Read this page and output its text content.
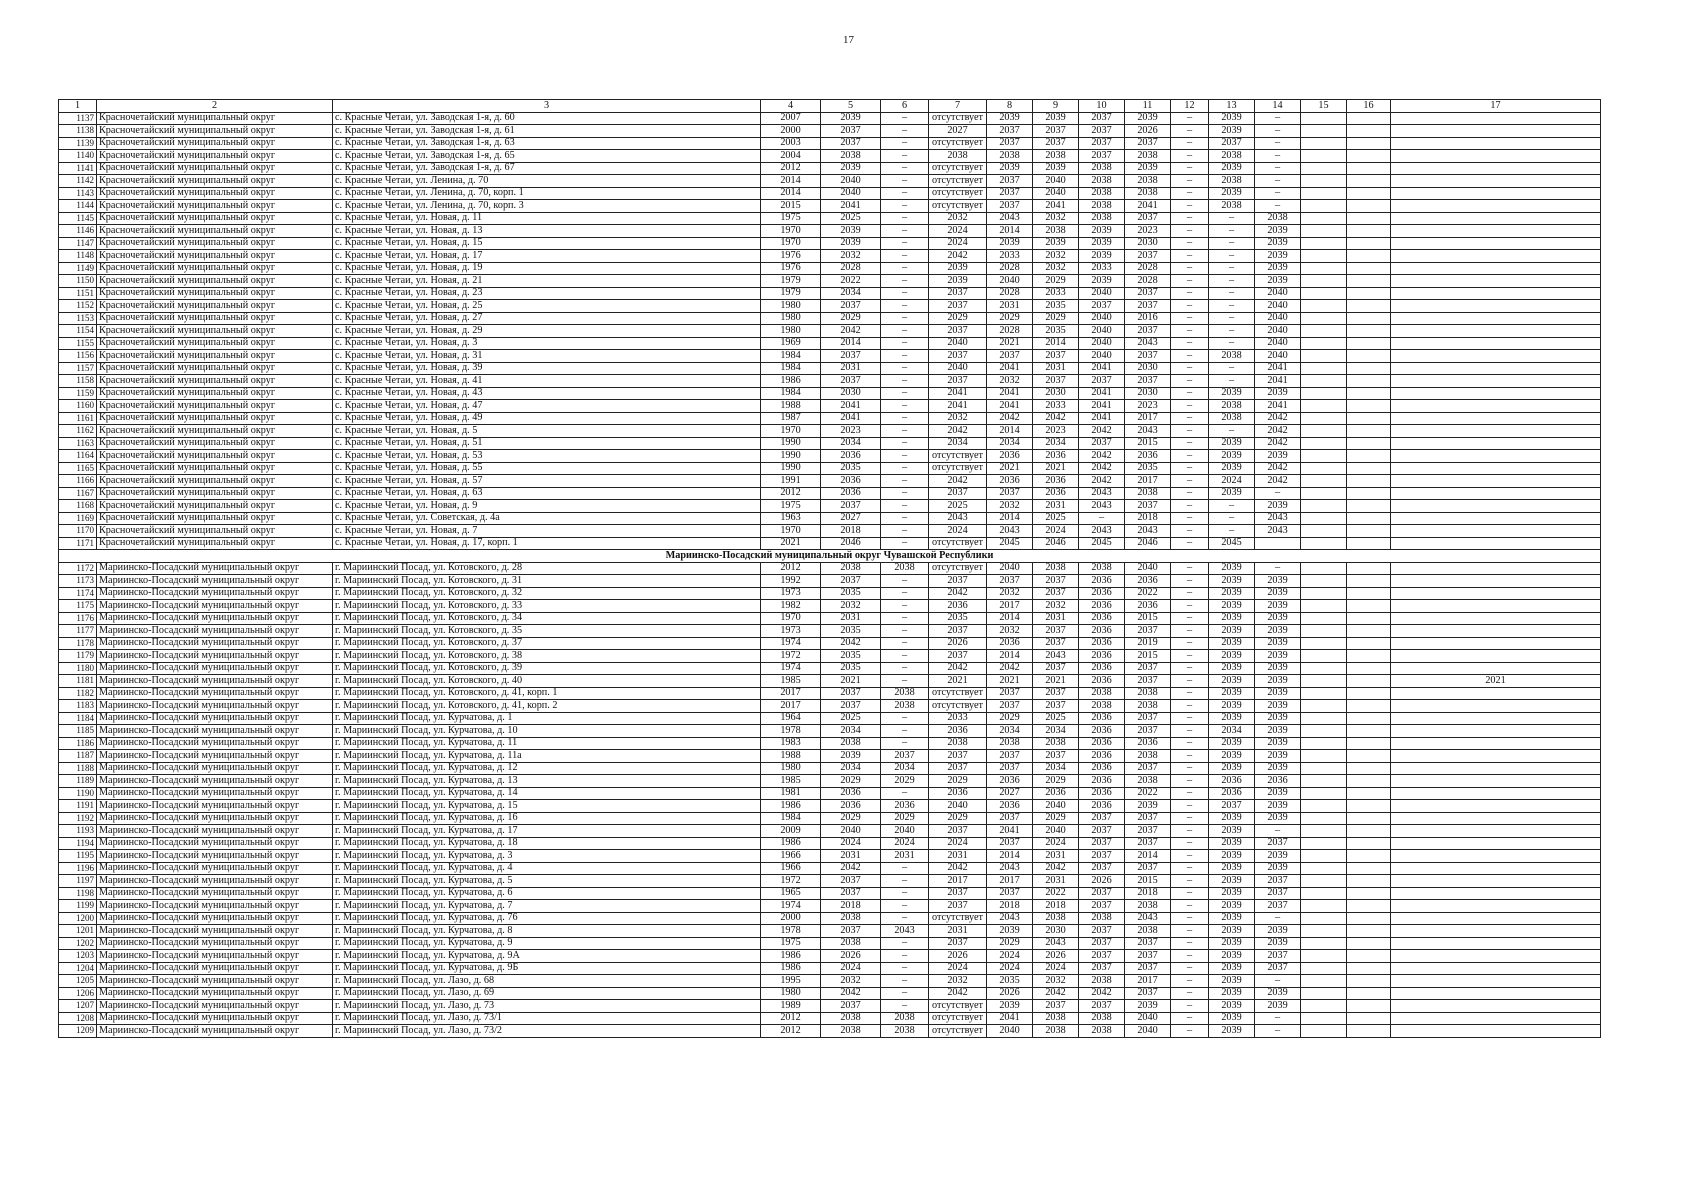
17
1	2	3	4	5	6	7	8	9	10	11	12	13	14	15	16	17
1137	Красночетайский муниципальный округ	с. Красные Четаи, ул. Заводская 1-я, д. 60	2007	2039	–	отсутствует	2039	2039	2037	2039	–	2039	–			
1138	Красночетайский муниципальный округ	с. Красные Четаи, ул. Заводская 1-я, д. 61	2000	2037	–	2027	2037	2037	2037	2026	–	2039	–			
1139	Красночетайский муниципальный округ	с. Красные Четаи, ул. Заводская 1-я, д. 63	2003	2037	–	отсутствует	2037	2037	2037	2037	–	2037	–			
1140	Красночетайский муниципальный округ	с. Красные Четаи, ул. Заводская 1-я, д. 65	2004	2038	–	2038	2038	2038	2037	2038	–	2038	–			
1141	Красночетайский муниципальный округ	с. Красные Четаи, ул. Заводская 1-я, д. 67	2012	2039	–	отсутствует	2039	2039	2038	2039	–	2039	–			
1142	Красночетайский муниципальный округ	с. Красные Четаи, ул. Ленина, д. 70	2014	2040	–	отсутствует	2037	2040	2038	2038	–	2038	–			
1143	Красночетайский муниципальный округ	с. Красные Четаи, ул. Ленина, д. 70, корп. 1	2014	2040	–	отсутствует	2037	2040	2038	2038	–	2039	–			
1144	Красночетайский муниципальный округ	с. Красные Четаи, ул. Ленина, д. 70, корп. 3	2015	2041	–	отсутствует	2037	2041	2038	2041	–	2038	–			
1145	Красночетайский муниципальный округ	с. Красные Четаи, ул. Новая, д. 11	1975	2025	–	2032	2043	2032	2038	2037	–	–	2038			
1146	Красночетайский муниципальный округ	с. Красные Четаи, ул. Новая, д. 13	1970	2039	–	2024	2014	2038	2039	2023	–	–	2039			
1147	Красночетайский муниципальный округ	с. Красные Четаи, ул. Новая, д. 15	1970	2039	–	2024	2039	2039	2039	2030	–	–	2039			
1148	Красночетайский муниципальный округ	с. Красные Четаи, ул. Новая, д. 17	1976	2032	–	2042	2033	2032	2039	2037	–	–	2039			
1149	Красночетайский муниципальный округ	с. Красные Четаи, ул. Новая, д. 19	1976	2028	–	2039	2028	2032	2033	2028	–	–	2039			
1150	Красночетайский муниципальный округ	с. Красные Четаи, ул. Новая, д. 21	1979	2022	–	2039	2040	2029	2039	2028	–	–	2039			
1151	Красночетайский муниципальный округ	с. Красные Четаи, ул. Новая, д. 23	1979	2034	–	2037	2028	2033	2040	2037	–	–	2040			
1152	Красночетайский муниципальный округ	с. Красные Четаи, ул. Новая, д. 25	1980	2037	–	2037	2031	2035	2037	2037	–	–	2040			
1153	Красночетайский муниципальный округ	с. Красные Четаи, ул. Новая, д. 27	1980	2029	–	2029	2029	2029	2040	2016	–	–	2040			
1154	Красночетайский муниципальный округ	с. Красные Четаи, ул. Новая, д. 29	1980	2042	–	2037	2028	2035	2040	2037	–	–	2040			
1155	Красночетайский муниципальный округ	с. Красные Четаи, ул. Новая, д. 3	1969	2014	–	2040	2021	2014	2040	2043	–	–	2040			
1156	Красночетайский муниципальный округ	с. Красные Четаи, ул. Новая, д. 31	1984	2037	–	2037	2037	2037	2040	2037	–	2038	2040			
1157	Красночетайский муниципальный округ	с. Красные Четаи, ул. Новая, д. 39	1984	2031	–	2040	2041	2031	2041	2030	–	–	2041			
1158	Красночетайский муниципальный округ	с. Красные Четаи, ул. Новая, д. 41	1986	2037	–	2037	2032	2037	2037	2037	–	–	2041			
1159	Красночетайский муниципальный округ	с. Красные Четаи, ул. Новая, д. 43	1984	2030	–	2041	2041	2030	2041	2030	–	2039	2039			
1160	Красночетайский муниципальный округ	с. Красные Четаи, ул. Новая, д. 47	1988	2041	–	2041	2041	2033	2041	2023	–	2038	2041			
1161	Красночетайский муниципальный округ	с. Красные Четаи, ул. Новая, д. 49	1987	2041	–	2032	2042	2042	2041	2017	–	2038	2042			
1162	Красночетайский муниципальный округ	с. Красные Четаи, ул. Новая, д. 5	1970	2023	–	2042	2014	2023	2042	2043	–	–	2042			
1163	Красночетайский муниципальный округ	с. Красные Четаи, ул. Новая, д. 51	1990	2034	–	2034	2034	2034	2037	2015	–	2039	2042			
1164	Красночетайский муниципальный округ	с. Красные Четаи, ул. Новая, д. 53	1990	2036	–	отсутствует	2036	2036	2042	2036	–	2039	2039			
1165	Красночетайский муниципальный округ	с. Красные Четаи, ул. Новая, д. 55	1990	2035	–	отсутствует	2021	2021	2042	2035	–	2039	2042			
1166	Красночетайский муниципальный округ	с. Красные Четаи, ул. Новая, д. 57	1991	2036	–	2042	2036	2036	2042	2017	–	2024	2042			
1167	Красночетайский муниципальный округ	с. Красные Четаи, ул. Новая, д. 63	2012	2036	–	2037	2037	2036	2043	2038	–	2039	–			
1168	Красночетайский муниципальный округ	с. Красные Четаи, ул. Новая, д. 9	1975	2037	–	2025	2032	2031	2043	2037	–	–	2039			
1169	Красночетайский муниципальный округ	с. Красные Четаи, ул. Советская, д. 4а	1963	2027	–	2043	2014	2025	–	2018	–	–	2043			
1170	Красночетайский муниципальный округ	с. Красные Четаи, ул. Новая, д. 7	1970	2018	–	2024	2043	2024	2043	2043	–	–	2043			
1171	Красночетайский муниципальный округ	с. Красные Четаи, ул. Новая, д. 17, корп. 1	2021	2046	–	отсутствует	2045	2046	2045	2046	–	2045				
Мариинско-Посадский муниципальный округ Чувашской Республики																
1172	Мариинско-Посадский муниципальный округ	г. Мариинский Посад, ул. Котовского, д. 28	2012	2038	2038	отсутствует	2040	2038	2038	2040	–	2039	–			
1173	Мариинско-Посадский муниципальный округ	г. Мариинский Посад, ул. Котовского, д. 31	1992	2037	–	2037	2037	2037	2036	2036	–	2039	2039			
1174	Мариинско-Посадский муниципальный округ	г. Мариинский Посад, ул. Котовского, д. 32	1973	2035	–	2042	2032	2037	2036	2022	–	2039	2039			
1175	Мариинско-Посадский муниципальный округ	г. Мариинский Посад, ул. Котовского, д. 33	1982	2032	–	2036	2017	2032	2036	2036	–	2039	2039			
1176	Мариинско-Посадский муниципальный округ	г. Мариинский Посад, ул. Котовского, д. 34	1970	2031	–	2035	2014	2031	2036	2015	–	2039	2039			
1177	Мариинско-Посадский муниципальный округ	г. Мариинский Посад, ул. Котовского, д. 35	1973	2035	–	2037	2032	2037	2036	2037	–	2039	2039			
1178	Мариинско-Посадский муниципальный округ	г. Мариинский Посад, ул. Котовского, д. 37	1974	2042	–	2026	2036	2037	2036	2019	–	2039	2039			
1179	Мариинско-Посадский муниципальный округ	г. Мариинский Посад, ул. Котовского, д. 38	1972	2035	–	2037	2014	2043	2036	2015	–	2039	2039			
1180	Мариинско-Посадский муниципальный округ	г. Мариинский Посад, ул. Котовского, д. 39	1974	2035	–	2042	2042	2037	2036	2037	–	2039	2039			
1181	Мариинско-Посадский муниципальный округ	г. Мариинский Посад, ул. Котовского, д. 40	1985	2021	–	2021	2021	2021	2036	2037	–	2039	2039			2021
1182	Мариинско-Посадский муниципальный округ	г. Мариинский Посад, ул. Котовского, д. 41, корп. 1	2017	2037	2038	отсутствует	2037	2037	2038	2038	–	2039	2039			
1183	Мариинско-Посадский муниципальный округ	г. Мариинский Посад, ул. Котовского, д. 41, корп. 2	2017	2037	2038	отсутствует	2037	2037	2038	2038	–	2039	2039			
1184	Мариинско-Посадский муниципальный округ	г. Мариинский Посад, ул. Курчатова, д. 1	1964	2025	–	2033	2029	2025	2036	2037	–	2039	2039			
1185	Мариинско-Посадский муниципальный округ	г. Мариинский Посад, ул. Курчатова, д. 10	1978	2034	–	2036	2034	2034	2036	2037	–	2034	2039			
1186	Мариинско-Посадский муниципальный округ	г. Мариинский Посад, ул. Курчатова, д. 11	1983	2038	–	2038	2038	2038	2036	2036	–	2039	2039			
1187	Мариинско-Посадский муниципальный округ	г. Мариинский Посад, ул. Курчатова, д. 11а	1988	2039	2037	2037	2037	2037	2036	2038	–	2039	2039			
1188	Мариинско-Посадский муниципальный округ	г. Мариинский Посад, ул. Курчатова, д. 12	1980	2034	2034	2037	2037	2034	2036	2037	–	2039	2039			
1189	Мариинско-Посадский муниципальный округ	г. Мариинский Посад, ул. Курчатова, д. 13	1985	2029	2029	2029	2036	2029	2036	2038	–	2036	2036			
1190	Мариинско-Посадский муниципальный округ	г. Мариинский Посад, ул. Курчатова, д. 14	1981	2036	–	2036	2027	2036	2036	2022	–	2036	2039			
1191	Мариинско-Посадский муниципальный округ	г. Мариинский Посад, ул. Курчатова, д. 15	1986	2036	2036	2040	2036	2040	2036	2039	–	2037	2039			
1192	Мариинско-Посадский муниципальный округ	г. Мариинский Посад, ул. Курчатова, д. 16	1984	2029	2029	2029	2037	2029	2037	2037	–	2039	2039			
1193	Мариинско-Посадский муниципальный округ	г. Мариинский Посад, ул. Курчатова, д. 17	2009	2040	2040	2037	2041	2040	2037	2037	–	2039	–			
1194	Мариинско-Посадский муниципальный округ	г. Мариинский Посад, ул. Курчатова, д. 18	1986	2024	2024	2024	2037	2024	2037	2037	–	2039	2037			
1195	Мариинско-Посадский муниципальный округ	г. Мариинский Посад, ул. Курчатова, д. 3	1966	2031	2031	2031	2014	2031	2037	2014	–	2039	2039			
1196	Мариинско-Посадский муниципальный округ	г. Мариинский Посад, ул. Курчатова, д. 4	1966	2042	–	2042	2043	2042	2037	2037	–	2039	2039			
1197	Мариинско-Посадский муниципальный округ	г. Мариинский Посад, ул. Курчатова, д. 5	1972	2037	–	2017	2017	2031	2026	2015	–	2039	2037			
1198	Мариинско-Посадский муниципальный округ	г. Мариинский Посад, ул. Курчатова, д. 6	1965	2037	–	2037	2037	2022	2037	2018	–	2039	2037			
1199	Мариинско-Посадский муниципальный округ	г. Мариинский Посад, ул. Курчатова, д. 7	1974	2018	–	2037	2018	2018	2037	2038	–	2039	2037			
1200	Мариинско-Посадский муниципальный округ	г. Мариинский Посад, ул. Курчатова, д. 76	2000	2038	–	отсутствует	2043	2038	2038	2043	–	2039	–			
1201	Мариинско-Посадский муниципальный округ	г. Мариинский Посад, ул. Курчатова, д. 8	1978	2037	2043	2031	2039	2030	2037	2038	–	2039	2039			
1202	Мариинско-Посадский муниципальный округ	г. Мариинский Посад, ул. Курчатова, д. 9	1975	2038	–	2037	2029	2043	2037	2037	–	2039	2039			
1203	Мариинско-Посадский муниципальный округ	г. Мариинский Посад, ул. Курчатова, д. 9А	1986	2026	–	2026	2024	2026	2037	2037	–	2039	2037			
1204	Мариинско-Посадский муниципальный округ	г. Мариинский Посад, ул. Курчатова, д. 9Б	1986	2024	–	2024	2024	2024	2037	2037	–	2039	2037			
1205	Мариинско-Посадский муниципальный округ	г. Мариинский Посад, ул. Лазо, д. 68	1995	2032	–	2032	2035	2032	2038	2017	–	2039	–			
1206	Мариинско-Посадский муниципальный округ	г. Мариинский Посад, ул. Лазо, д. 69	1980	2042	–	2042	2026	2042	2042	2037	–	2039	2039			
1207	Мариинско-Посадский муниципальный округ	г. Мариинский Посад, ул. Лазо, д. 73	1989	2037	–	отсутствует	2039	2037	2037	2039	–	2039	2039			
1208	Мариинско-Посадский муниципальный округ	г. Мариинский Посад, ул. Лазо, д. 73/1	2012	2038	2038	отсутствует	2041	2038	2038	2040	–	2039	–			
1209	Мариинско-Посадский муниципальный округ	г. Мариинский Посад, ул. Лазо, д. 73/2	2012	2038	2038	отсутствует	2040	2038	2038	2040	–	2039	–			
